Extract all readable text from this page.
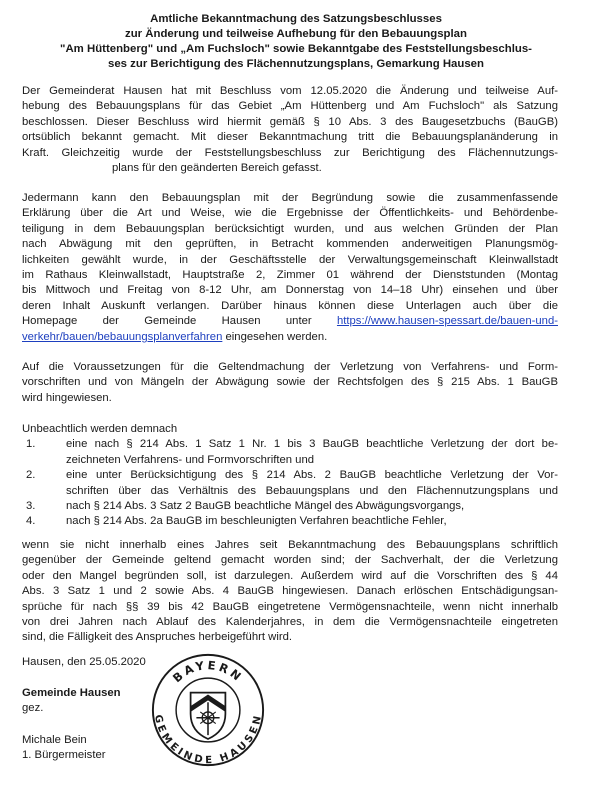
Amtliche Bekanntmachung des Satzungsbeschlusses
zur Änderung und teilweise Aufhebung für den Bebauungsplan
"Am Hüttenberg" und „Am Fuchsloch" sowie Bekanntgabe des Feststellungsbeschlus-
ses zur Berichtigung des Flächennutzungsplans, Gemarkung Hausen
Der Gemeinderat Hausen hat mit Beschluss vom 12.05.2020 die Änderung und teilweise Auf-
hebung des Bebauungsplans für das Gebiet „Am Hüttenberg und Am Fuchsloch" als Satzung
beschlossen. Dieser Beschluss wird hiermit gemäß § 10 Abs. 3 des Baugesetzbuchs (BauGB)
ortsüblich bekannt gemacht. Mit dieser Bekanntmachung tritt die Bebauungsplanänderung in
Kraft. Gleichzeitig wurde der Feststellungsbeschluss zur Berichtigung des Flächennutzungs-
plans für den geänderten Bereich gefasst.
Jedermann kann den Bebauungsplan mit der Begründung sowie die zusammenfassende
Erklärung über die Art und Weise, wie die Ergebnisse der Öffentlichkeits- und Behördenbe-
teiligung in dem Bebauungsplan berücksichtigt wurden, und aus welchen Gründen der Plan
nach Abwägung mit den geprüften, in Betracht kommenden anderweitigen Planungsmög-
lichkeiten gewählt wurde, in der Geschäftsstelle der Verwaltungsgemeinschaft Kleinwallstadt
im Rathaus Kleinwallstadt, Hauptstraße 2, Zimmer 01 während der Dienststunden (Montag
bis Mittwoch und Freitag von 8-12 Uhr, am Donnerstag von 14–18 Uhr) einsehen und über
deren Inhalt Auskunft verlangen. Darüber hinaus können diese Unterlagen auch über die
Homepage der Gemeinde Hausen unter https://www.hausen-spessart.de/bauen-und-
verkehr/bauen/bebauungsplanverfahren eingesehen werden.
Auf die Voraussetzungen für die Geltendmachung der Verletzung von Verfahrens- und Form-
vorschriften und von Mängeln der Abwägung sowie der Rechtsfolgen des § 215 Abs. 1 BauGB
wird hingewiesen.
Unbeachtlich werden demnach
1.	eine nach § 214 Abs. 1 Satz 1 Nr. 1 bis 3 BauGB beachtliche Verletzung der dort be-
zeichneten Verfahrens- und Formvorschriften und
2.	eine unter Berücksichtigung des § 214 Abs. 2 BauGB beachtliche Verletzung der Vor-
schriften über das Verhältnis des Bebauungsplans und den Flächennutzungsplans und
3.	nach § 214 Abs. 3 Satz 2 BauGB beachtliche Mängel des Abwägungsvorgangs,
4.	nach § 214 Abs. 2a BauGB im beschleunigten Verfahren beachtliche Fehler,
wenn sie nicht innerhalb eines Jahres seit Bekanntmachung des Bebauungsplans schriftlich
gegenüber der Gemeinde geltend gemacht worden sind; der Sachverhalt, der die Verletzung
oder den Mangel begründen soll, ist darzulegen. Außerdem wird auf die Vorschriften des § 44
Abs. 3 Satz 1 und 2 sowie Abs. 4 BauGB hingewiesen. Danach erlöschen Entschädigungsan-
sprüche für nach §§ 39 bis 42 BauGB eingetretene Vermögensnachteile, wenn nicht innerhalb
von drei Jahren nach Ablauf des Kalenderjahres, in dem die Vermögensnachteile eingetreten
sind, die Fälligkeit des Anspruches herbeigeführt wird.
Hausen, den 25.05.2020
Gemeinde Hausen
gez.
Michale Bein
1. Bürgermeister
BAYERN
GEMEINDE HAUSEN
